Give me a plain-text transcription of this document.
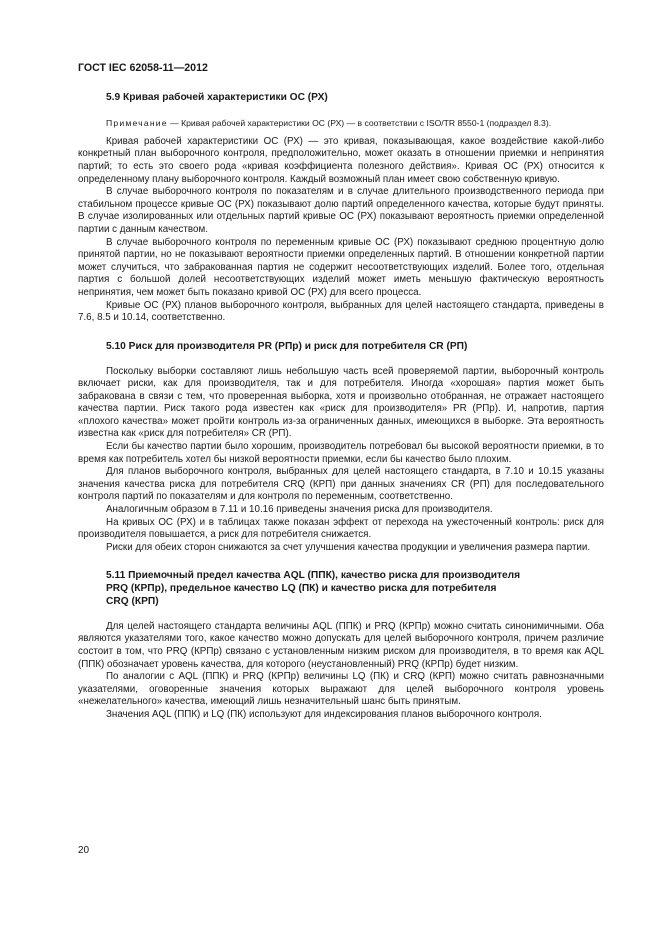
ГОСТ IEC 62058-11—2012
5.9 Кривая рабочей характеристики ОС (РХ)
Примечание — Кривая рабочей характеристики ОС (РХ) — в соответствии с ISO/TR 8550-1 (подраздел 8.3).

Кривая рабочей характеристики ОС (РХ) — это кривая, показывающая, какое воздействие какой-либо конкретный план выборочного контроля, предположительно, может оказать в отношении приемки и непринятия партий; то есть это своего рода «кривая коэффициента полезного действия». Кривая ОС (РХ) относится к определенному плану выборочного контроля. Каждый возможный план имеет свою собственную кривую.

В случае выборочного контроля по показателям и в случае длительного производственного периода при стабильном процессе кривые ОС (РХ) показывают долю партий определенного качества, которые будут приняты. В случае изолированных или отдельных партий кривые ОС (РХ) показывают вероятность приемки определенной партии с данным качеством.

В случае выборочного контроля по переменным кривые ОС (РХ) показывают среднюю процентную долю принятой партии, но не показывают вероятности приемки определенных партий. В отношении конкретной партии может случиться, что забракованная партия не содержит несоответствующих изделий. Более того, отдельная партия с большой долей несоответствующих изделий может иметь меньшую фактическую вероятность непринятия, чем может быть показано кривой ОС (РХ) для всего процесса.

Кривые ОС (РХ) планов выборочного контроля, выбранных для целей настоящего стандарта, приведены в 7.6, 8.5 и 10.14, соответственно.

5.10 Риск для производителя PR (РПр) и риск для потребителя CR (РП)

Поскольку выборки составляют лишь небольшую часть всей проверяемой партии, выборочный контроль включает риски, как для производителя, так и для потребителя. Иногда «хорошая» партия может быть забракована в связи с тем, что проверенная выборка, хотя и произвольно отобранная, не отражает настоящего качества партии. Риск такого рода известен как «риск для производителя» PR (РПр). И, напротив, партия «плохого качества» может пройти контроль из-за ограниченных данных, имеющихся в выборке. Эта вероятность известна как «риск для потребителя» CR (РП).

Если бы качество партии было хорошим, производитель потребовал бы высокой вероятности приемки, в то время как потребитель хотел бы низкой вероятности приемки, если бы качество было плохим.

Для планов выборочного контроля, выбранных для целей настоящего стандарта, в 7.10 и 10.15 указаны значения качества риска для потребителя CRQ (КРП) при данных значениях CR (РП) для последовательного контроля партий по показателям и для контроля по переменным, соответственно.

Аналогичным образом в 7.11 и 10.16 приведены значения риска для производителя.

На кривых ОС (РХ) и в таблицах также показан эффект от перехода на ужесточенный контроль: риск для производителя повышается, а риск для потребителя снижается.

Риски для обеих сторон снижаются за счет улучшения качества продукции и увеличения размера партии.

5.11 Приемочный предел качества AQL (ППК), качество риска для производителя
PRQ (КРПр), предельное качество LQ (ПК) и качество риска для потребителя
CRQ (КРП)

Для целей настоящего стандарта величины AQL (ППК) и PRQ (КРПр) можно считать синонимичными. Оба являются указателями того, какое качество можно допускать для целей выборочного контроля, причем различие состоит в том, что PRQ (КРПр) связано с установленным низким риском для производителя, в то время как AQL (ППК) обозначает уровень качества, для которого (неустановленный) PRQ (КРПр) будет низким.

По аналогии с AQL (ППК) и PRQ (КРПр) величины LQ (ПК) и CRQ (КРП) можно считать равнозначными указателями, оговоренные значения которых выражают для целей выборочного контроля уровень «нежелательного» качества, имеющий лишь незначительный шанс быть принятым.

Значения AQL (ППК) и LQ (ПК) используют для индексирования планов выборочного контроля.

20
